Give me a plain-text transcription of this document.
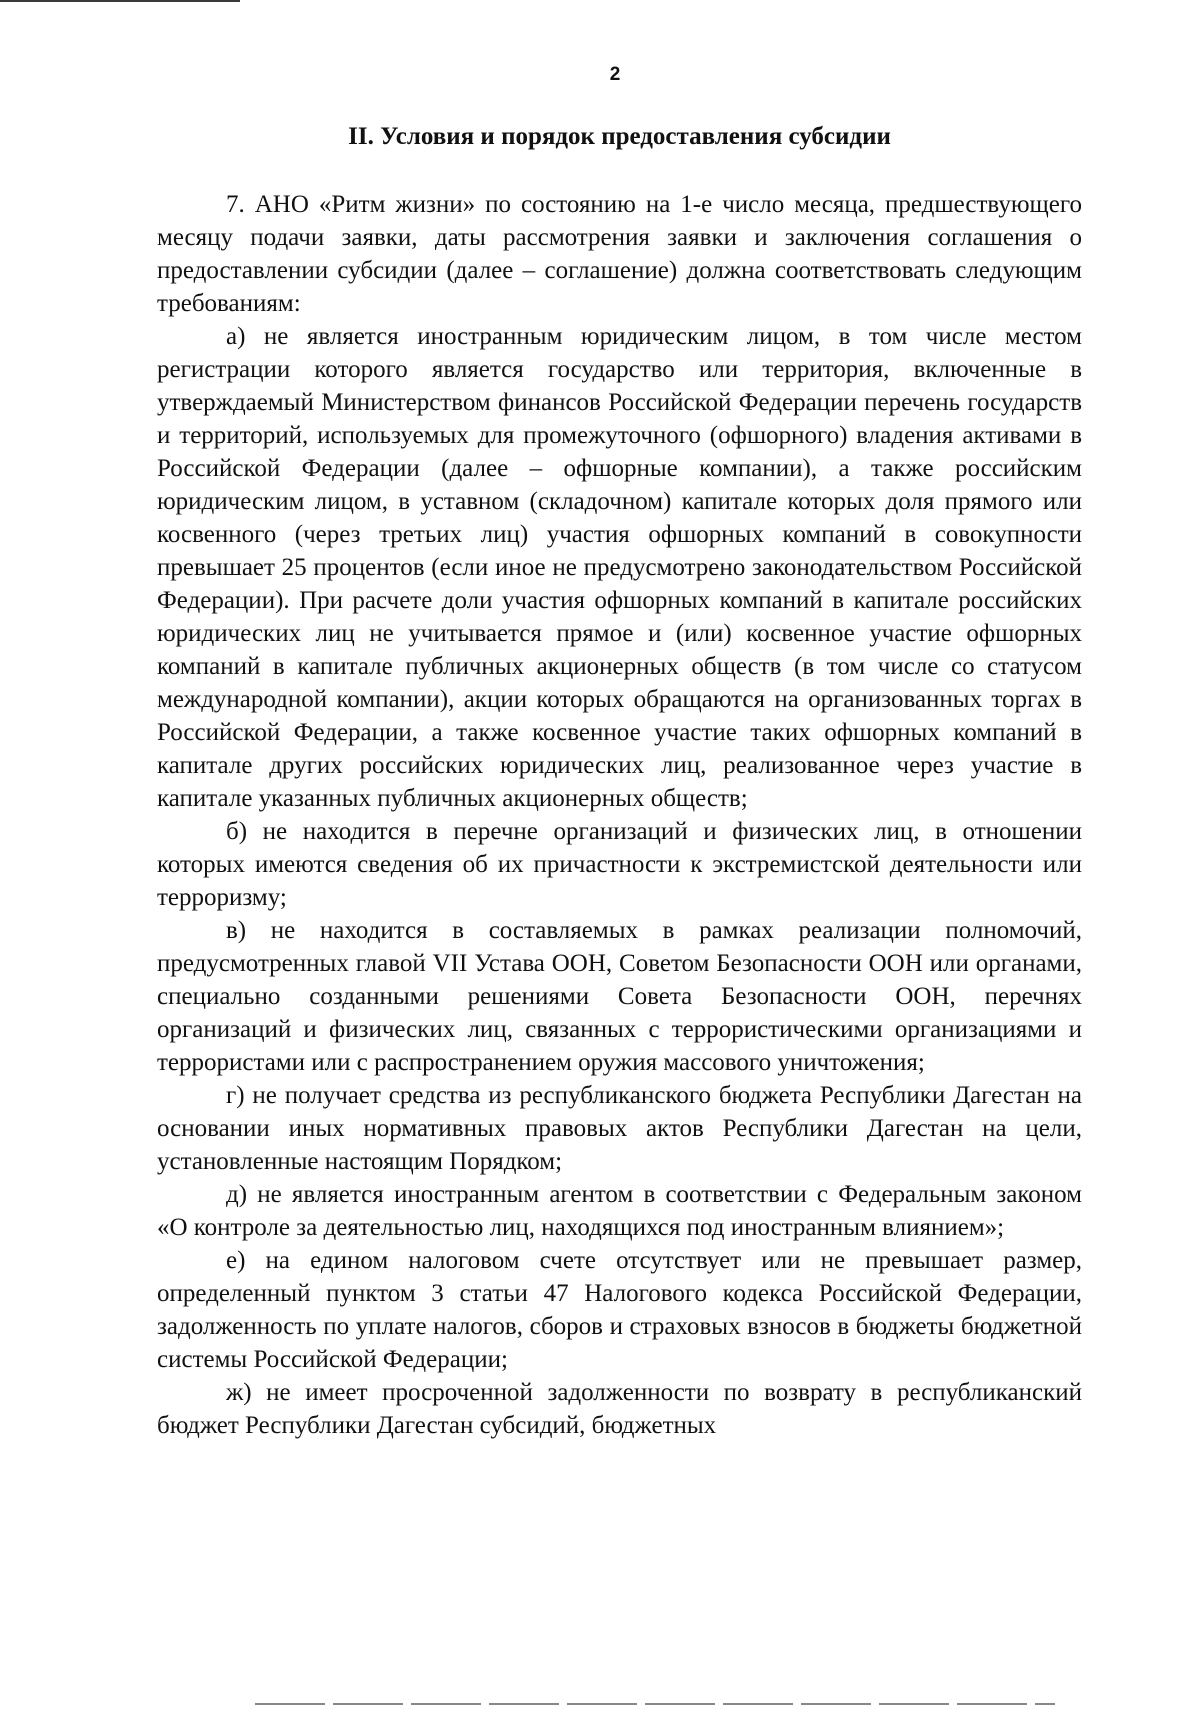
2
II. Условия и порядок предоставления субсидии

7. АНО «Ритм жизни» по состоянию на 1-е число месяца, предшествующего месяцу подачи заявки, даты рассмотрения заявки и заключения соглашения о предоставлении субсидии (далее – соглашение) должна соответствовать следующим требованиям:

а) не является иностранным юридическим лицом, в том числе местом регистрации которого является государство или территория, включенные в утверждаемый Министерством финансов Российской Федерации перечень государств и территорий, используемых для промежуточного (офшорного) владения активами в Российской Федерации (далее – офшорные компании), а также российским юридическим лицом, в уставном (складочном) капитале которых доля прямого или косвенного (через третьих лиц) участия офшорных компаний в совокупности превышает 25 процентов (если иное не предусмотрено законодательством Российской Федерации). При расчете доли участия офшорных компаний в капитале российских юридических лиц не учитывается прямое и (или) косвенное участие офшорных компаний в капитале публичных акционерных обществ (в том числе со статусом международной компании), акции которых обращаются на организованных торгах в Российской Федерации, а также косвенное участие таких офшорных компаний в капитале других российских юридических лиц, реализованное через участие в капитале указанных публичных акционерных обществ;

б) не находится в перечне организаций и физических лиц, в отношении которых имеются сведения об их причастности к экстремистской деятельности или терроризму;

в) не находится в составляемых в рамках реализации полномочий, предусмотренных главой VII Устава ООН, Советом Безопасности ООН или органами, специально созданными решениями Совета Безопасности ООН, перечнях организаций и физических лиц, связанных с террористическими организациями и террористами или с распространением оружия массового уничтожения;

г) не получает средства из республиканского бюджета Республики Дагестан на основании иных нормативных правовых актов Республики Дагестан на цели, установленные настоящим Порядком;

д) не является иностранным агентом в соответствии с Федеральным законом «О контроле за деятельностью лиц, находящихся под иностранным влиянием»;

е) на едином налоговом счете отсутствует или не превышает размер, определенный пунктом 3 статьи 47 Налогового кодекса Российской Федерации, задолженность по уплате налогов, сборов и страховых взносов в бюджеты бюджетной системы Российской Федерации;

ж) не имеет просроченной задолженности по возврату в республиканский бюджет Республики Дагестан субсидий, бюджетных
